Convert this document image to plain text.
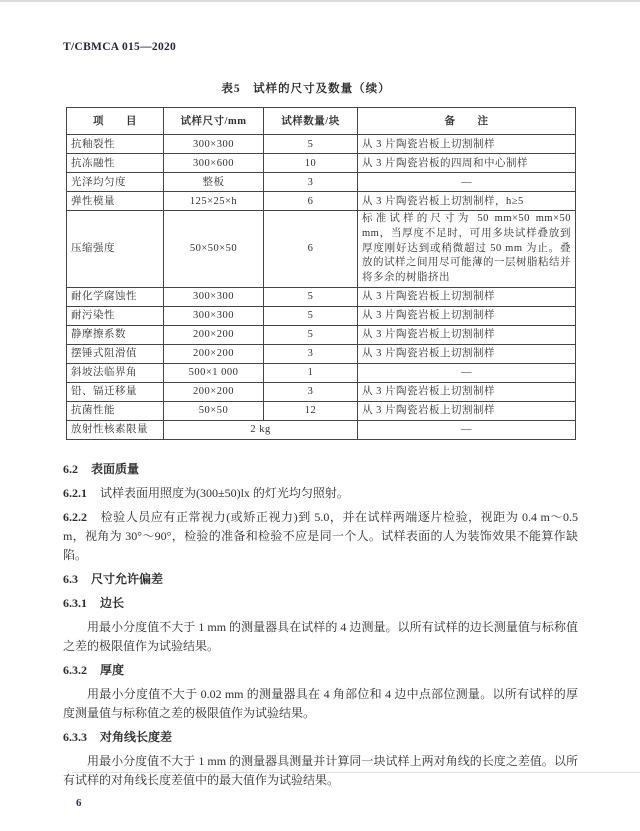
T/CBMCA 015—2020
表5　试样的尺寸及数量（续）
项　　目	试样尺寸/mm	试样数量/块	备　　注
抗釉裂性	300×300	5	从 3 片陶瓷岩板上切割制样
抗冻融性	300×600	10	从 3 片陶瓷岩板的四周和中心制样
光泽均匀度	整板	3	—
弹性模量	125×25×h	6	从 3 片陶瓷岩板上切割制样，h≥5
压缩强度	50×50×50	6	标准试样的尺寸为 50 mm×50 mm×50 mm，当厚度不足时，可用多块试样叠放到厚度刚好达到或稍微超过 50 mm 为止。叠放的试样之间用尽可能薄的一层树脂粘结并将多余的树脂挤出
耐化学腐蚀性	300×300	5	从 3 片陶瓷岩板上切割制样
耐污染性	300×300	5	从 3 片陶瓷岩板上切割制样
静摩擦系数	200×200	5	从 3 片陶瓷岩板上切割制样
摆锤式阻滑值	200×200	3	从 3 片陶瓷岩板上切割制样
斜坡法临界角	500×1 000	1	—
铅、镉迁移量	200×200	3	从 3 片陶瓷岩板上切割制样
抗菌性能	50×50	12	从 3 片陶瓷岩板上切割制样
放射性核素限量	2 kg		—

6.2 表面质量

6.2.1 试样表面用照度为(300±50)lx 的灯光均匀照射。

6.2.2 检验人员应有正常视力(或矫正视力)到 5.0，并在试样两端逐片检验，视距为 0.4 m～0.5 m，视角为 30°～90°，检验的准备和检验不应是同一个人。试样表面的人为装饰效果不能算作缺陷。

6.3 尺寸允许偏差

6.3.1 边长

用最小分度值不大于 1 mm 的测量器具在试样的 4 边测量。以所有试样的边长测量值与标称值之差的极限值作为试验结果。

6.3.2 厚度

用最小分度值不大于 0.02 mm 的测量器具在 4 角部位和 4 边中点部位测量。以所有试样的厚度测量值与标称值之差的极限值作为试验结果。

6.3.3 对角线长度差

用最小分度值不大于 1 mm 的测量器具测量并计算同一块试样上两对角线的长度之差值。以所有试样的对角线长度差值中的最大值作为试验结果。

6
